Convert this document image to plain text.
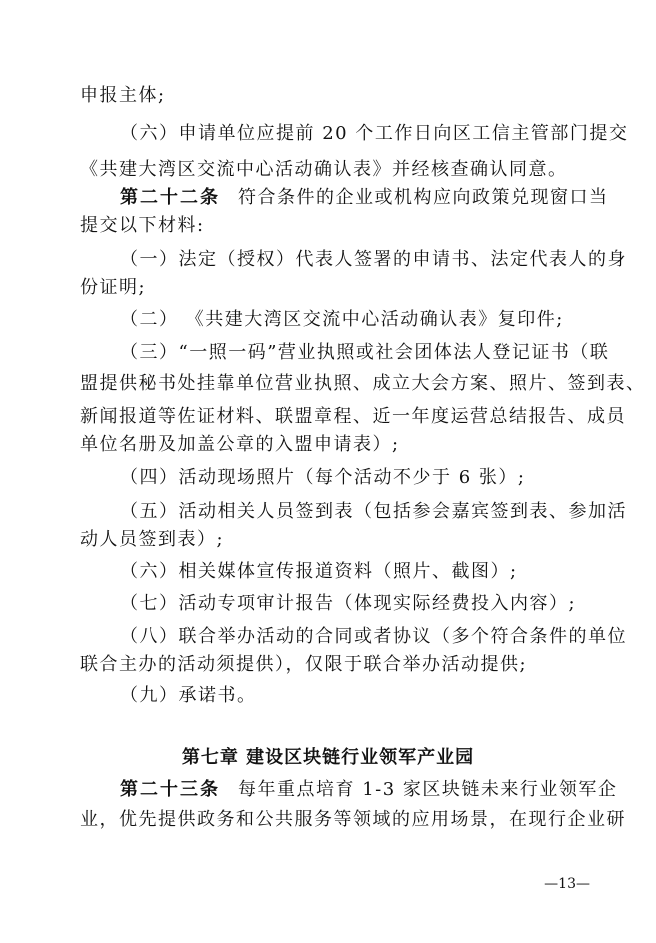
申报主体;
（六）申请单位应提前 20 个工作日向区工信主管部门提交
《共建大湾区交流中心活动确认表》并经核查确认同意。
第二十二条 符合条件的企业或机构应向政策兑现窗口当
提交以下材料:
（一）法定（授权）代表人签署的申请书、法定代表人的身
份证明;
（二） 《共建大湾区交流中心活动确认表》复印件;
（三）“一照一码”营业执照或社会团体法人登记证书（联
盟提供秘书处挂靠单位营业执照、成立大会方案、照片、签到表、
新闻报道等佐证材料、联盟章程、近一年度运营总结报告、成员
单位名册及加盖公章的入盟申请表）;
（四）活动现场照片（每个活动不少于 6 张）;
（五）活动相关人员签到表（包括参会嘉宾签到表、参加活
动人员签到表）;
（六）相关媒体宣传报道资料（照片、截图）;
（七）活动专项审计报告（体现实际经费投入内容）;
（八）联合举办活动的合同或者协议（多个符合条件的单位
联合主办的活动须提供），仅限于联合举办活动提供;
（九）承诺书。
第七章 建设区块链行业领军产业园
第二十三条 每年重点培育 1-3 家区块链未来行业领军企
业，优先提供政务和公共服务等领域的应用场景，在现行企业研
—13—
